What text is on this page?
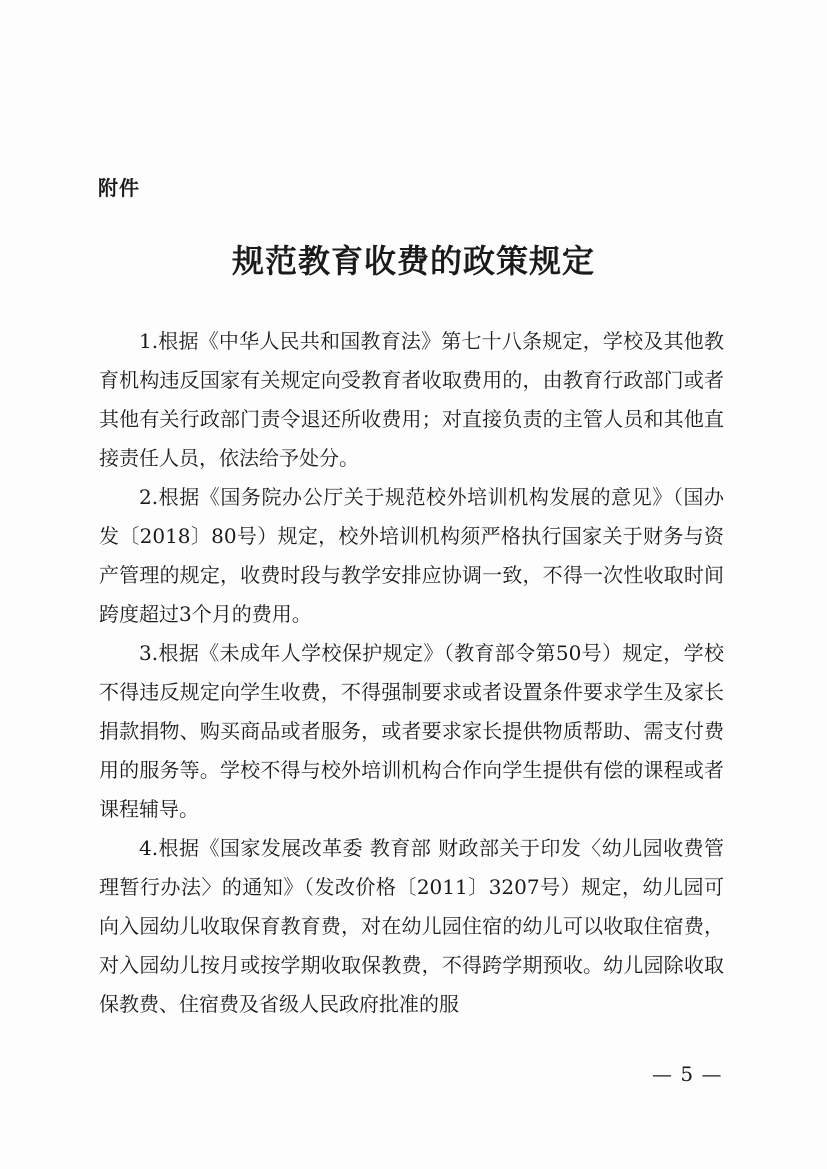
附件
规范教育收费的政策规定

1.根据《中华人民共和国教育法》第七十八条规定，学校及其他教育机构违反国家有关规定向受教育者收取费用的，由教育行政部门或者其他有关行政部门责令退还所收费用；对直接负责的主管人员和其他直接责任人员，依法给予处分。

2.根据《国务院办公厅关于规范校外培训机构发展的意见》（国办发〔2018〕80号）规定，校外培训机构须严格执行国家关于财务与资产管理的规定，收费时段与教学安排应协调一致，不得一次性收取时间跨度超过3个月的费用。

3.根据《未成年人学校保护规定》（教育部令第50号）规定，学校不得违反规定向学生收费，不得强制要求或者设置条件要求学生及家长捐款捐物、购买商品或者服务，或者要求家长提供物质帮助、需支付费用的服务等。学校不得与校外培训机构合作向学生提供有偿的课程或者课程辅导。

4.根据《国家发展改革委 教育部 财政部关于印发〈幼儿园收费管理暂行办法〉的通知》（发改价格〔2011〕3207号）规定，幼儿园可向入园幼儿收取保育教育费，对在幼儿园住宿的幼儿可以收取住宿费，对入园幼儿按月或按学期收取保教费，不得跨学期预收。幼儿园除收取保教费、住宿费及省级人民政府批准的服

— 5 —
